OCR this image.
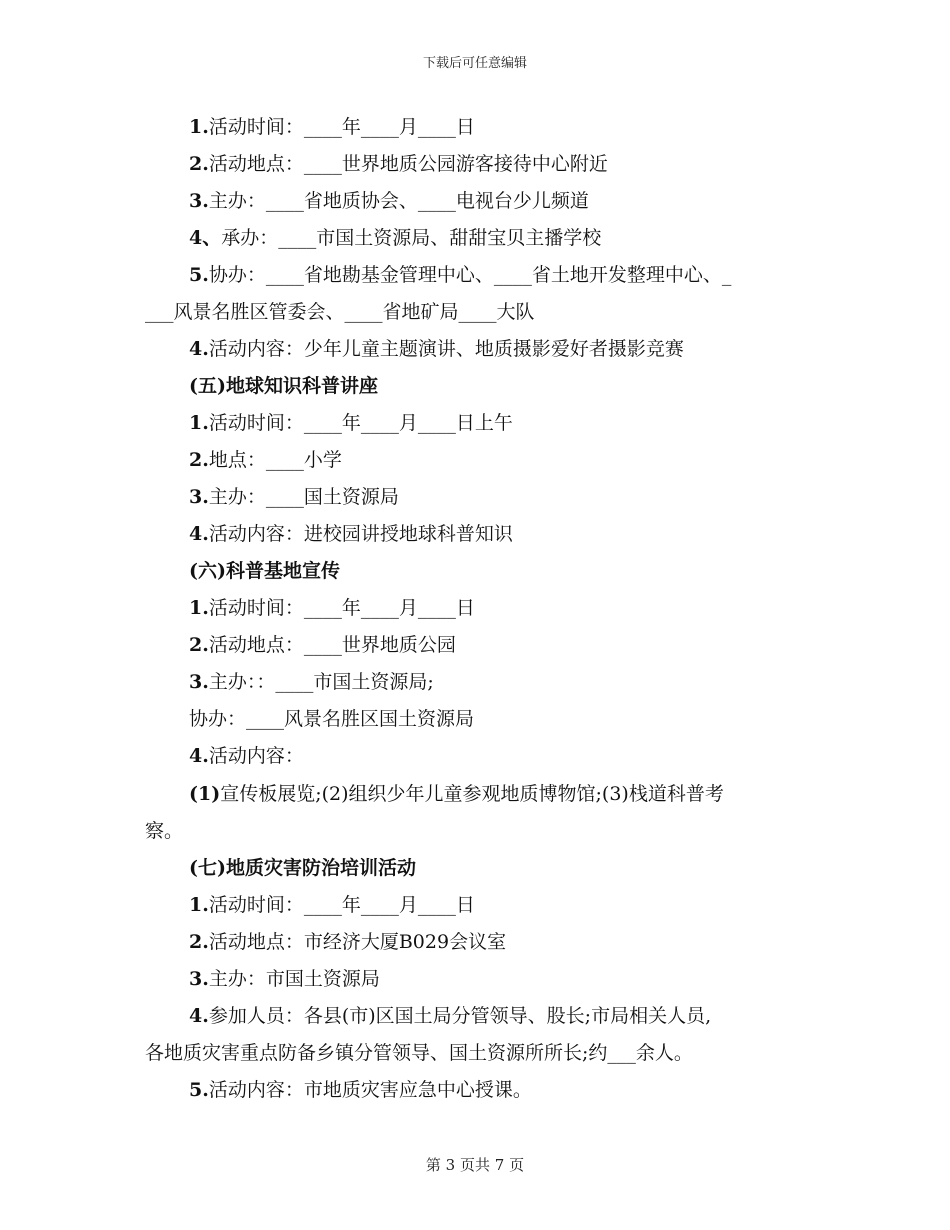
下载后可任意编辑
1.活动时间：____年____月____日
2.活动地点：____世界地质公园游客接待中心附近
3.主办：____省地质协会、____电视台少儿频道
4、承办：____市国土资源局、甜甜宝贝主播学校
5.协办：____省地勘基金管理中心、____省土地开发整理中心、_
___风景名胜区管委会、____省地矿局____大队
4.活动内容：少年儿童主题演讲、地质摄影爱好者摄影竞赛
(五)地球知识科普讲座
1.活动时间：____年____月____日上午
2.地点：____小学
3.主办：____国土资源局
4.活动内容：进校园讲授地球科普知识
(六)科普基地宣传
1.活动时间：____年____月____日
2.活动地点：____世界地质公园
3.主办：：____市国土资源局;
协办：____风景名胜区国土资源局
4.活动内容：
(1)宣传板展览;(2)组织少年儿童参观地质博物馆;(3)栈道科普考
察。
(七)地质灾害防治培训活动
1.活动时间：____年____月____日
2.活动地点：市经济大厦B029会议室
3.主办：市国土资源局
4.参加人员：各县(市)区国土局分管领导、股长;市局相关人员,
各地质灾害重点防备乡镇分管领导、国土资源所所长;约___余人。
5.活动内容：市地质灾害应急中心授课。
第 3 页共 7 页
